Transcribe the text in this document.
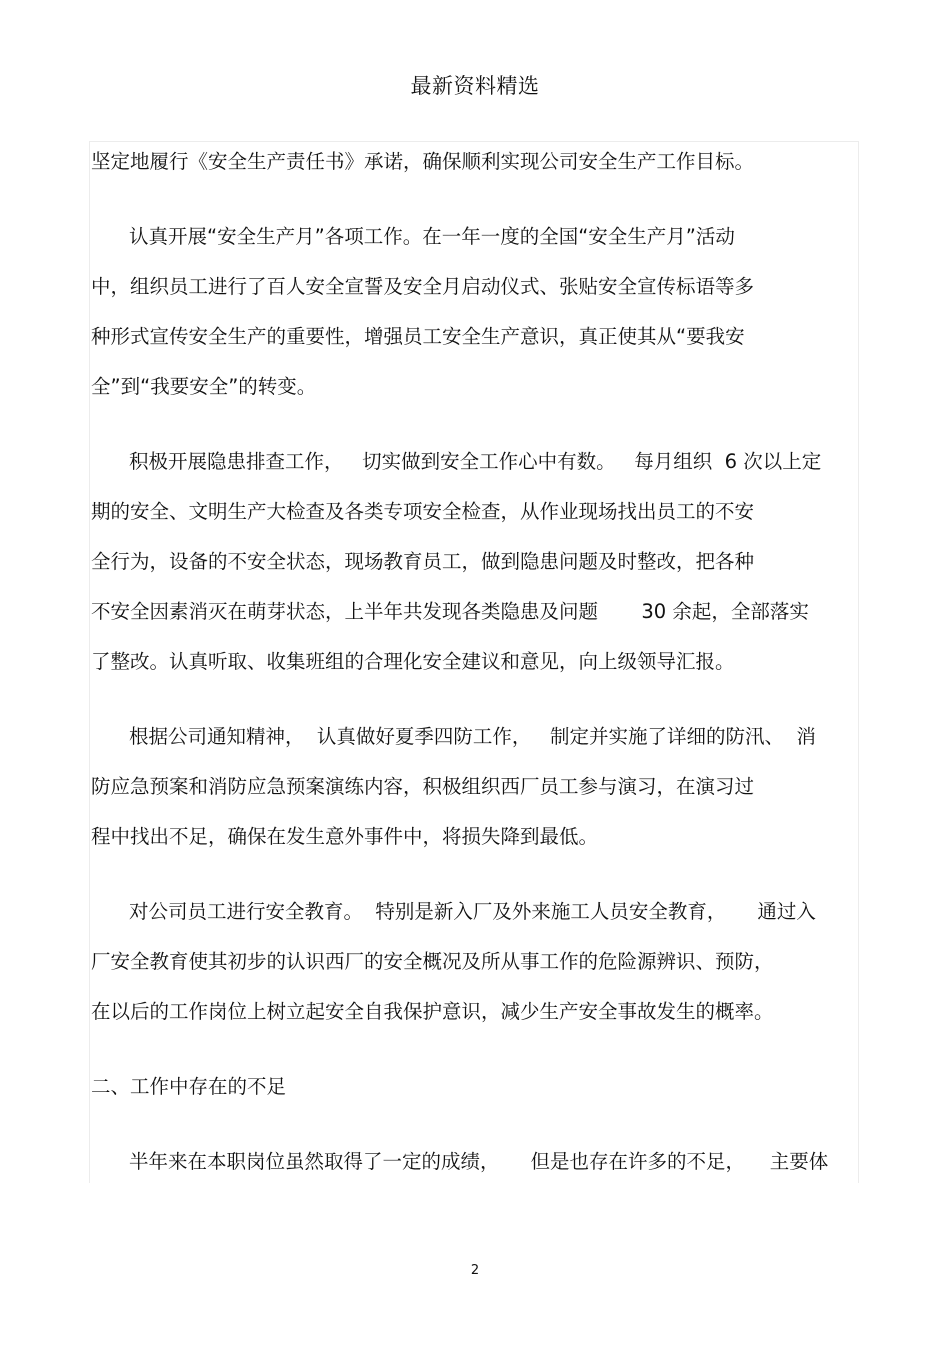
最新资料精选
坚定地履行《安全生产责任书》承诺，确保顺利实现公司安全生产工作目标。
认真开展“安全生产月”各项工作。在一年一度的全国“安全生产月”活动
中，组织员工进行了百人安全宣誓及安全月启动仪式、张贴安全宣传标语等多
种形式宣传安全生产的重要性，增强员工安全生产意识，真正使其从“要我安
全”到“我要安全”的转变。
积极开展隐患排查工作，   切实做到安全工作心中有数。   每月组织  6 次以上定
期的安全、文明生产大检查及各类专项安全检查，从作业现场找出员工的不安
全行为，设备的不安全状态，现场教育员工，做到隐患问题及时整改，把各种
不安全因素消灭在萌芽状态，上半年共发现各类隐患及问题       30 余起，全部落实
了整改。认真听取、收集班组的合理化安全建议和意见，向上级领导汇报。
根据公司通知精神，  认真做好夏季四防工作，   制定并实施了详细的防汛、  消
防应急预案和消防应急预案演练内容，积极组织西厂员工参与演习，在演习过
程中找出不足，确保在发生意外事件中，将损失降到最低。
对公司员工进行安全教育。  特别是新入厂及外来施工人员安全教育，     通过入
厂安全教育使其初步的认识西厂的安全概况及所从事工作的危险源辨识、预防，
在以后的工作岗位上树立起安全自我保护意识，减少生产安全事故发生的概率。
二、工作中存在的不足
半年来在本职岗位虽然取得了一定的成绩，     但是也存在许多的不足，    主要体
2
